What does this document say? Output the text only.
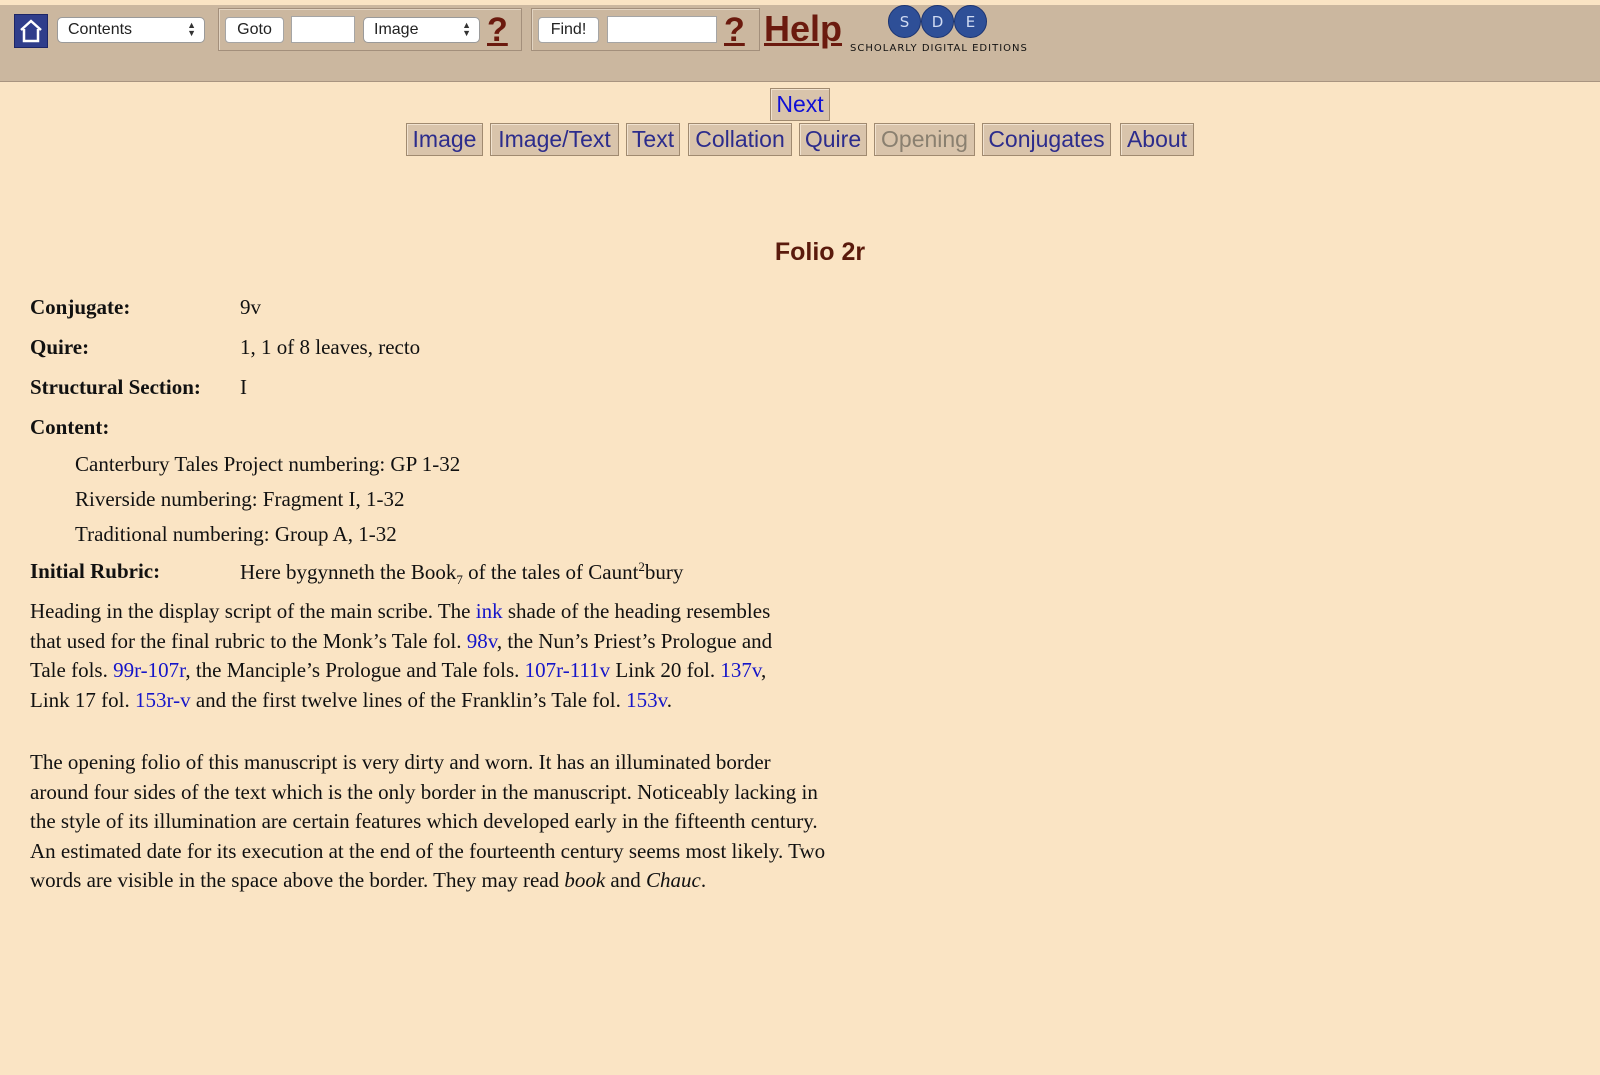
Contents	▲
▼	Goto	Image	▲
▼ ?	Find!	? Help	S	D	E
SCHOLARLY DIGITAL EDITIONS
Next
Image Image/Text Text Collation Quire Opening Conjugates About
Folio 2r
Conjugate:	9v
Quire:	1, 1 of 8 leaves, recto
Structural Section: I
Content:
Canterbury Tales Project numbering: GP 1-32
Riverside numbering: Fragment I, 1-32
Traditional numbering: Group A, 1-32
Initial Rubric:	Here bygynneth the Book$_7$ of the tales of Caunt$^2$bury
Heading in the display script of the main scribe. The ink shade of the heading resembles that used for the final rubric to the Monk’s Tale fol. 98v, the Nun’s Priest’s Prologue and Tale fols. 99r-107r, the Manciple’s Prologue and Tale fols. 107r-111v Link 20 fol. 137v, Link 17 fol. 153r-v and the first twelve lines of the Franklin’s Tale fol. 153v.
The opening folio of this manuscript is very dirty and worn. It has an illuminated border around four sides of the text which is the only border in the manuscript. Noticeably lacking in the style of its illumination are certain features which developed early in the fifteenth century. An estimated date for its execution at the end of the fourteenth century seems most likely. Two words are visible in the space above the border. They may read book and Chauc.
